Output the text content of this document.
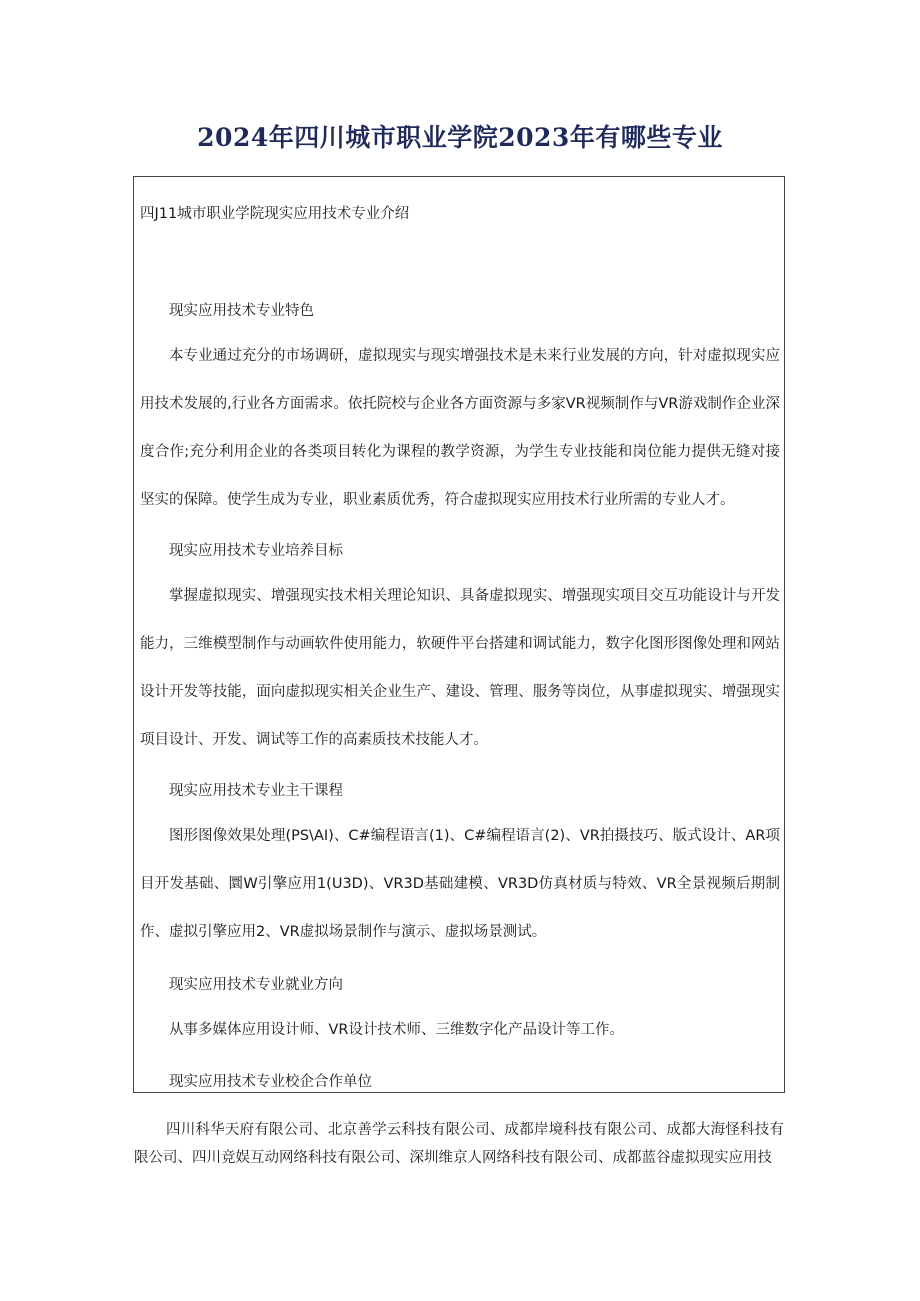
2024年四川城市职业学院2023年有哪些专业

四J11城市职业学院现实应用技术专业介绍

现实应用技术专业特色

本专业通过充分的市场调研，虚拟现实与现实增强技术是未来行业发展的方向，针对虚拟现实应用技术发展的,行业各方面需求。依托院校与企业各方面资源与多家VR视频制作与VR游戏制作企业深度合作;充分利用企业的各类项目转化为课程的教学资源，为学生专业技能和岗位能力提供无缝对接坚实的保障。使学生成为专业，职业素质优秀，符合虚拟现实应用技术行业所需的专业人才。

现实应用技术专业培养目标

掌握虚拟现实、增强现实技术相关理论知识、具备虚拟现实、增强现实项目交互功能设计与开发能力，三维模型制作与动画软件使用能力，软硬件平台搭建和调试能力，数字化图形图像处理和网站设计开发等技能，面向虚拟现实相关企业生产、建设、管理、服务等岗位，从事虚拟现实、增强现实项目设计、开发、调试等工作的高素质技术技能人才。

现实应用技术专业主干课程

图形图像效果处理(PS\AI)、C#编程语言(1)、C#编程语言(2)、VR拍摄技巧、版式设计、AR项目开发基础、圜W引擎应用1(U3D)、VR3D基础建模、VR3D仿真材质与特效、VR全景视频后期制作、虚拟引擎应用2、VR虚拟场景制作与演示、虚拟场景测试。

现实应用技术专业就业方向

从事多媒体应用设计师、VR设计技术师、三维数字化产品设计等工作。

现实应用技术专业校企合作单位

四川科华天府有限公司、北京善学云科技有限公司、成都岸境科技有限公司、成都大海怪科技有限公司、四川竞娱互动网络科技有限公司、深圳维京人网络科技有限公司、成都蓝谷虚拟现实应用技
